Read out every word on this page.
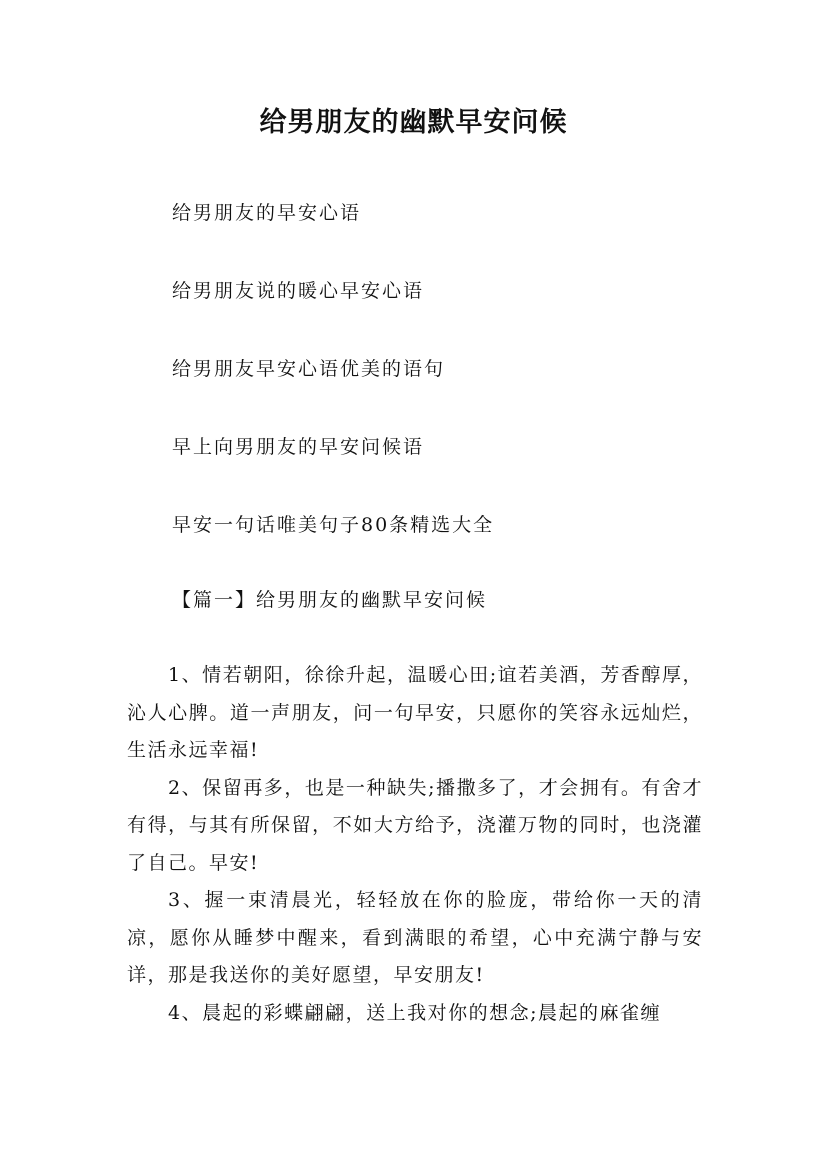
给男朋友的幽默早安问候
给男朋友的早安心语
给男朋友说的暖心早安心语
给男朋友早安心语优美的语句
早上向男朋友的早安问候语
早安一句话唯美句子80条精选大全
【篇一】给男朋友的幽默早安问候

1、情若朝阳，徐徐升起，温暖心田;谊若美酒，芳香醇厚，沁人心脾。道一声朋友，问一句早安，只愿你的笑容永远灿烂，生活永远幸福!

2、保留再多，也是一种缺失;播撒多了，才会拥有。有舍才有得，与其有所保留，不如大方给予，浇灌万物的同时，也浇灌了自己。早安!

3、握一束清晨光，轻轻放在你的脸庞，带给你一天的清凉，愿你从睡梦中醒来，看到满眼的希望，心中充满宁静与安详，那是我送你的美好愿望，早安朋友!

4、晨起的彩蝶翩翩，送上我对你的想念;晨起的麻雀缠
